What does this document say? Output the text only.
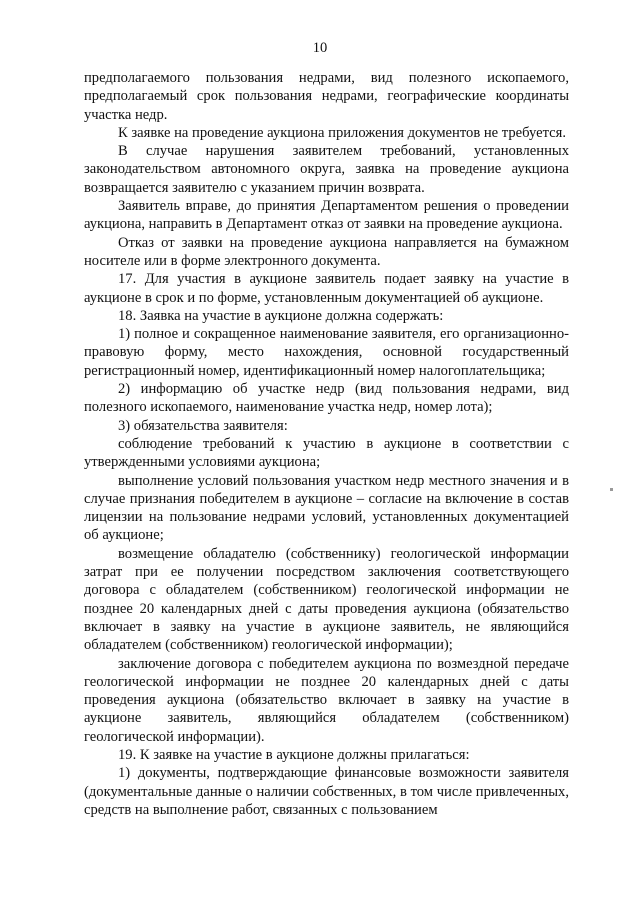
10

предполагаемого пользования недрами, вид полезного ископаемого, предполагаемый срок пользования недрами, географические координаты участка недр.

К заявке на проведение аукциона приложения документов не требуется.

В случае нарушения заявителем требований, установленных законодательством автономного округа, заявка на проведение аукциона возвращается заявителю с указанием причин возврата.

Заявитель вправе, до принятия Департаментом решения о проведении аукциона, направить в Департамент отказ от заявки на проведение аукциона.

Отказ от заявки на проведение аукциона направляется на бумажном носителе или в форме электронного документа.

17. Для участия в аукционе заявитель подает заявку на участие в аукционе в срок и по форме, установленным документацией об аукционе.

18. Заявка на участие в аукционе должна содержать:

1) полное и сокращенное наименование заявителя, его организационно-правовую форму, место нахождения, основной государственный регистрационный номер, идентификационный номер налогоплательщика;

2) информацию об участке недр (вид пользования недрами, вид полезного ископаемого, наименование участка недр, номер лота);

3) обязательства заявителя:

соблюдение требований к участию в аукционе в соответствии с утвержденными условиями аукциона;

выполнение условий пользования участком недр местного значения и в случае признания победителем в аукционе – согласие на включение в состав лицензии на пользование недрами условий, установленных документацией об аукционе;

возмещение обладателю (собственнику) геологической информации затрат при ее получении посредством заключения соответствующего договора с обладателем (собственником) геологической информации не позднее 20 календарных дней с даты проведения аукциона (обязательство включает в заявку на участие в аукционе заявитель, не являющийся обладателем (собственником) геологической информации);

заключение договора с победителем аукциона по возмездной передаче геологической информации не позднее 20 календарных дней с даты проведения аукциона (обязательство включает в заявку на участие в аукционе заявитель, являющийся обладателем (собственником) геологической информации).

19. К заявке на участие в аукционе должны прилагаться:

1) документы, подтверждающие финансовые возможности заявителя (документальные данные о наличии собственных, в том числе привлеченных, средств на выполнение работ, связанных с пользованием
